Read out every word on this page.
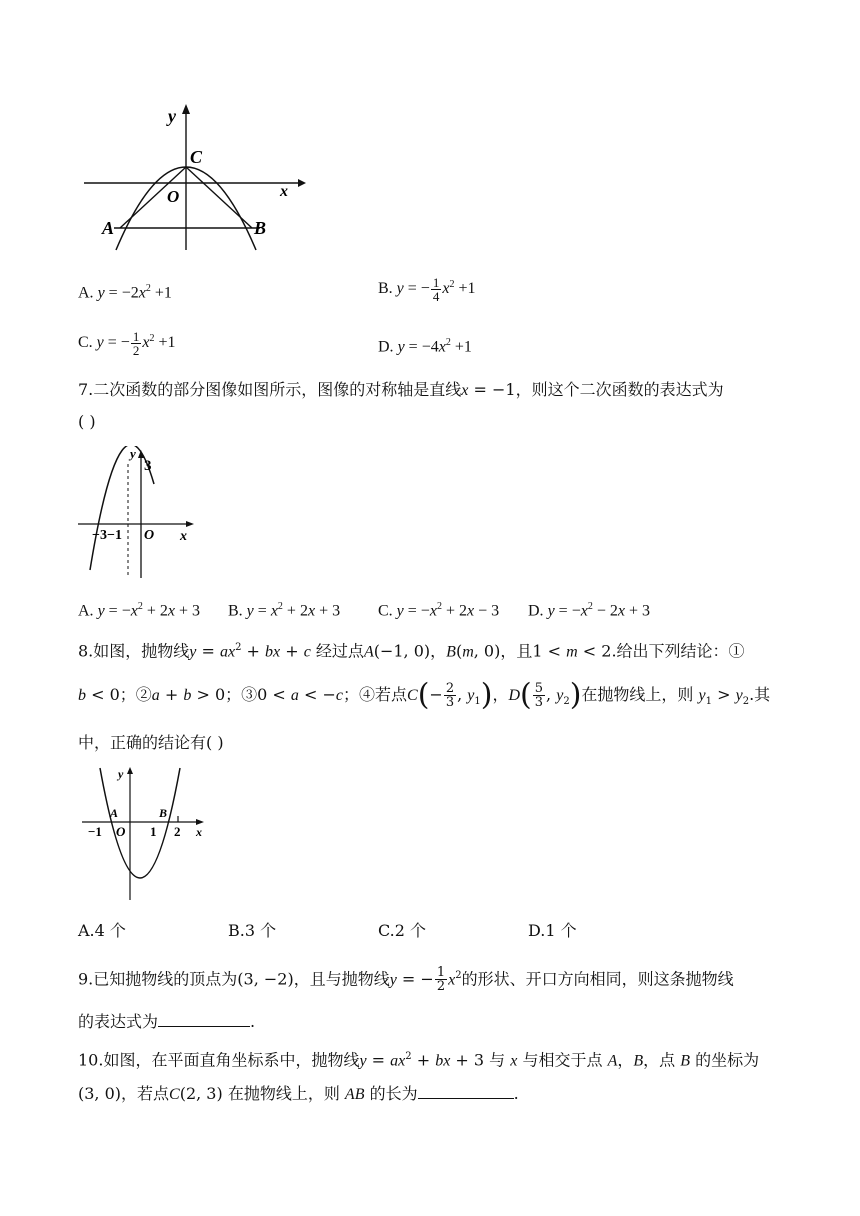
y
x
C
O
A	B
A. $y = -2x^2 +1$	B. y = − $\frac{1}{4} x^2 +1$
C. y = − $\frac{1}{2} x^2 +1$	D. $y = -4x^2 +1$
7.二次函数的部分图像如图所示，图像的对称轴是直线x = −1，则这个二次函数的表达式为
( )
y
3
x
O
−3−1
A. $y = -x^2 + 2x + 3$ B. $y = x^2 + 2x + 3$ C. $y = -x^2 + 2x - 3$ D. $y = -x^2 - 2x + 3$
8.如图，抛物线$y = ax^2$ + bx + c 经过点A(−1, 0)，B(m, 0)，且1 < m < 2.给出下列结论：①
b < 0；②a + b > 0；③0 < a < −c；④若点$C(- \frac{2}{3}$ , $y_1$)，$D( \frac{5}{3}$ , $y_2$)在抛物线上，则 $y_1 > y_2$.其
中，正确的结论有( )
y
A	B
−1 O 1 2 x
A.4 个	B.3 个	C.2 个	D.1 个
9.已知抛物线的顶点为(3, −2)，且与抛物线y = − $\frac{1}{2} x^2$的形状、开口方向相同，则这条抛物线
的表达式为	.
10.如图，在平面直角坐标系中，抛物线$y = ax^2$ + bx + 3 与 x 与相交于点 A，B，点 B 的坐标为
(3, 0)，若点C(2, 3) 在抛物线上，则 AB 的长为	.
